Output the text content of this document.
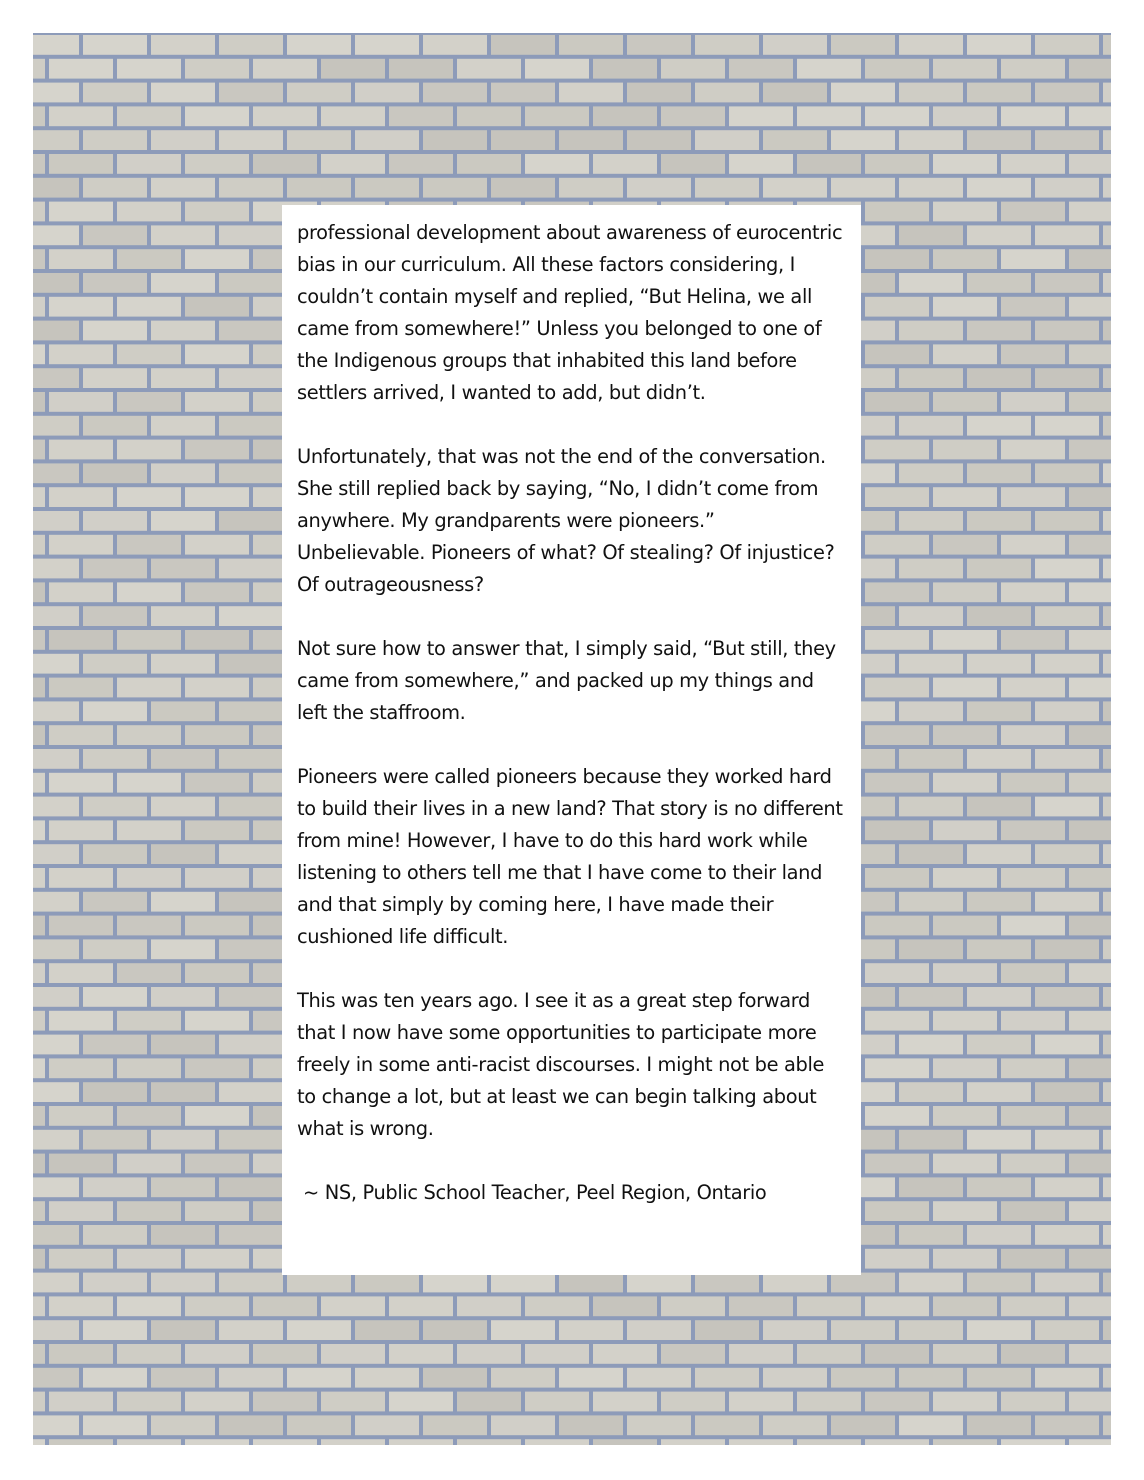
professional development about awareness of eurocentric bias in our curriculum. All these factors considering, I couldn’t contain myself and replied, “But Helina, we all came from somewhere!” Unless you belonged to one of the Indigenous groups that inhabited this land before settlers arrived, I wanted to add, but didn’t.

Unfortunately, that was not the end of the conversation. She still replied back by saying, “No, I didn’t come from anywhere. My grandparents were pioneers.” Unbelievable. Pioneers of what? Of stealing? Of injustice? Of outrageousness?

Not sure how to answer that, I simply said, “But still, they came from somewhere,” and packed up my things and left the staffroom.

Pioneers were called pioneers because they worked hard to build their lives in a new land? That story is no different from mine! However, I have to do this hard work while listening to others tell me that I have come to their land and that simply by coming here, I have made their cushioned life difficult.

This was ten years ago. I see it as a great step forward that I now have some opportunities to participate more freely in some anti-racist discourses. I might not be able to change a lot, but at least we can begin talking about what is wrong.

~ NS, Public School Teacher, Peel Region, Ontario
